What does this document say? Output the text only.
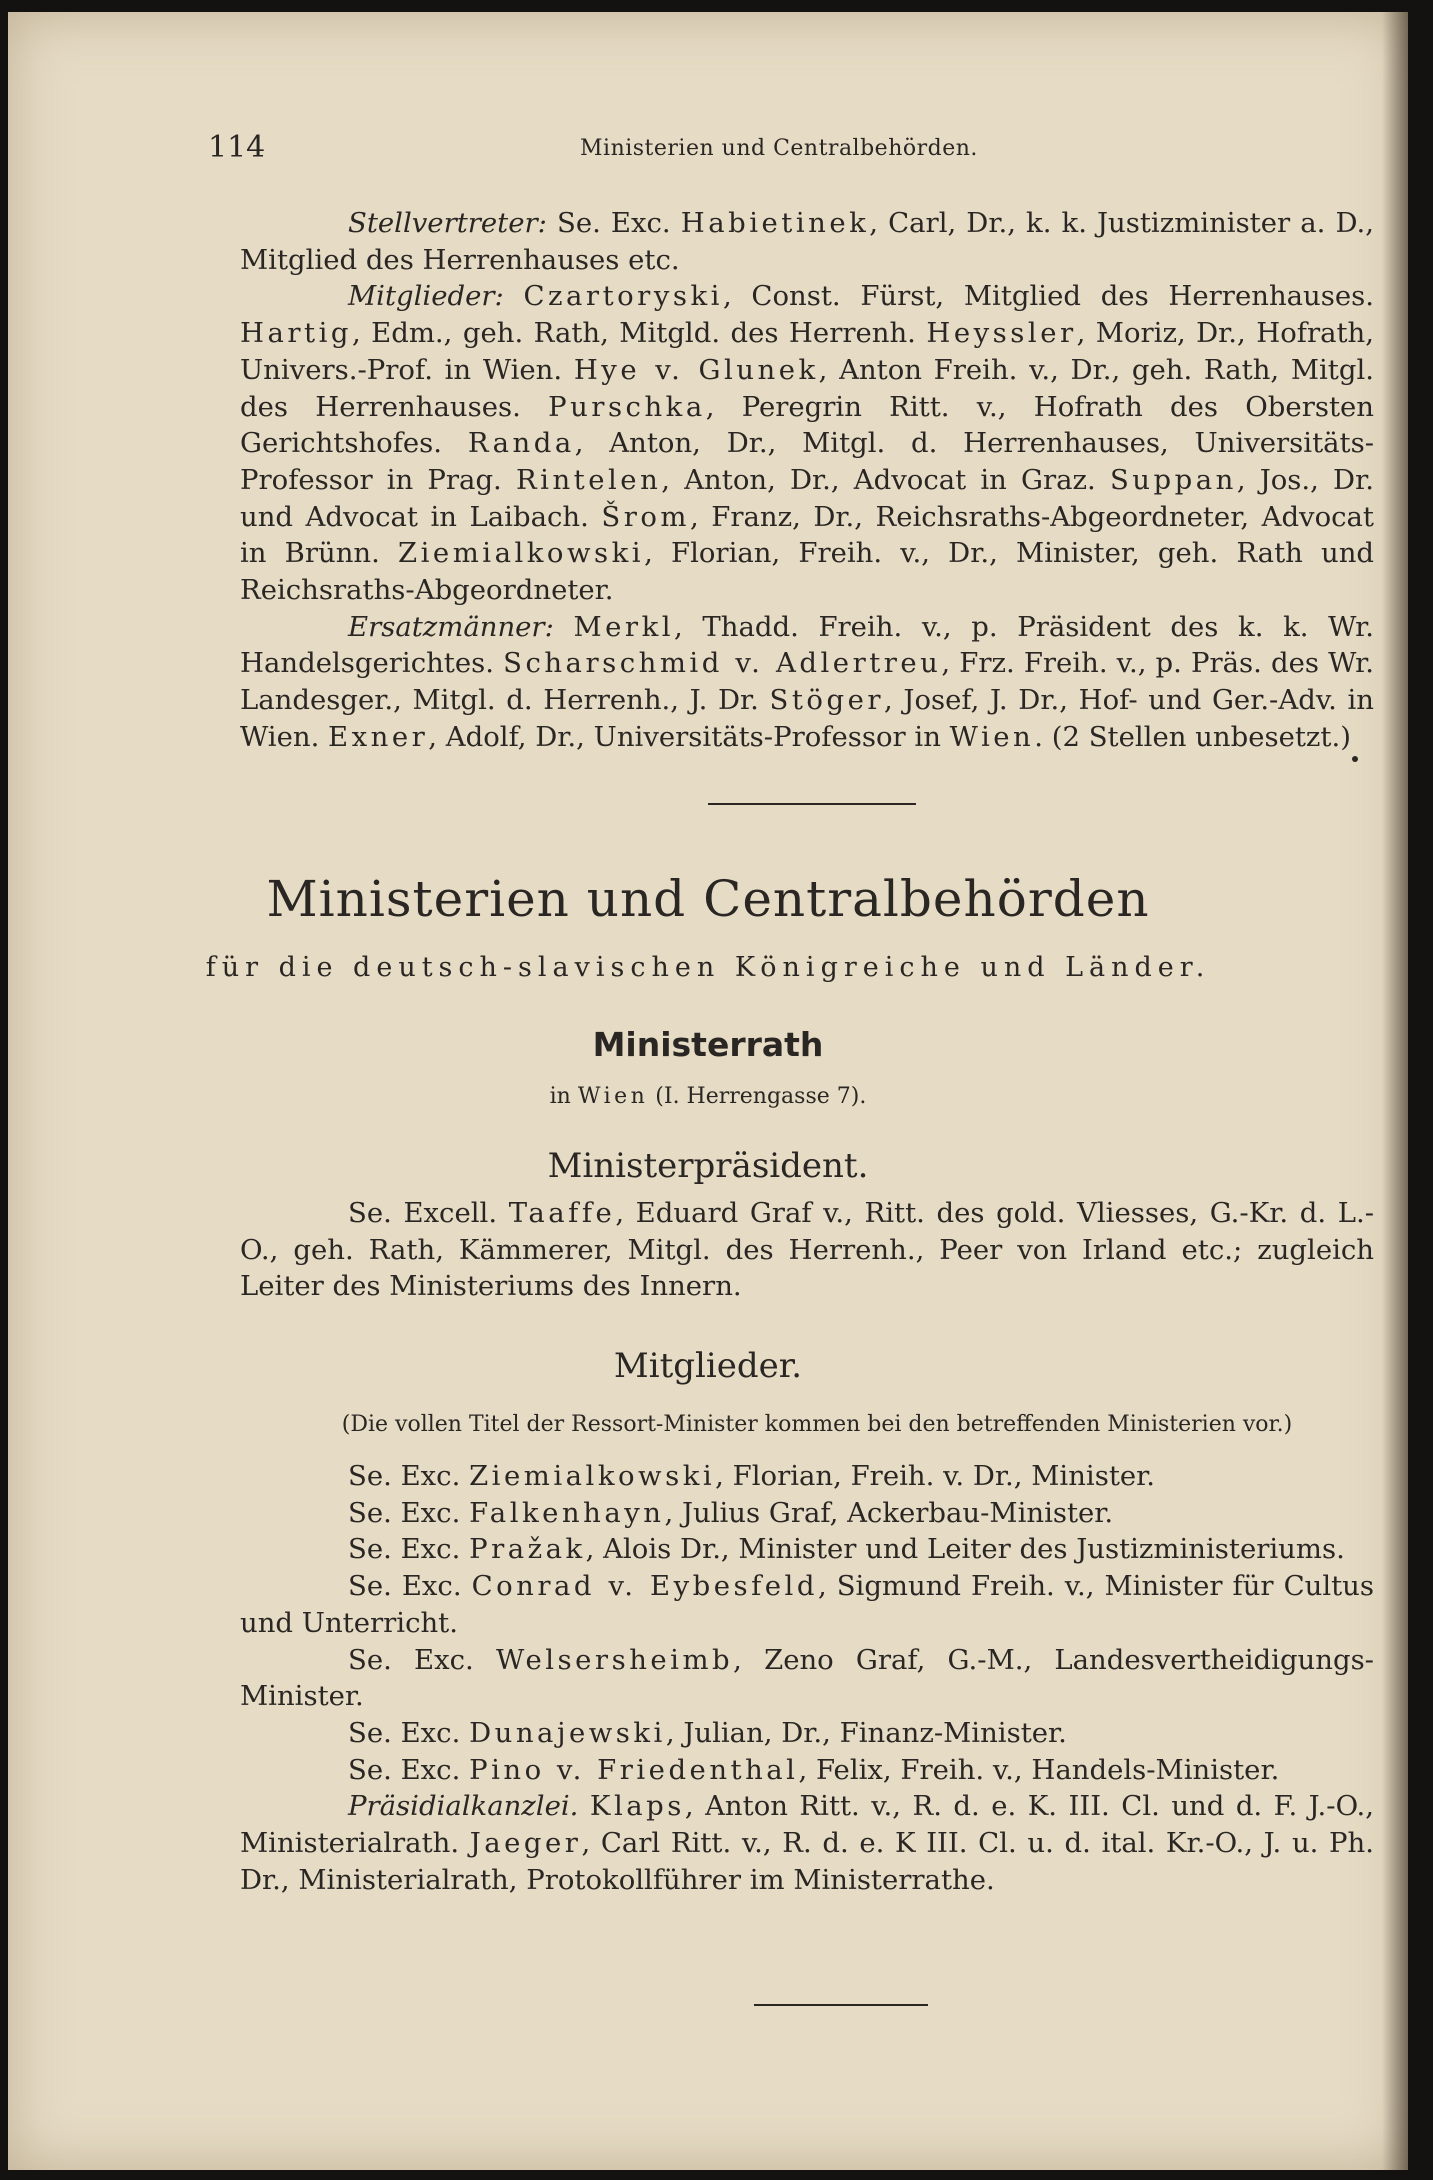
114	Ministerien und Centralbehörden.

Stellvertreter: Se. Exc. Habietinek, Carl, Dr., k. k. Justizminister a. D., Mitglied des Herrenhauses etc.

Mitglieder: Czartoryski, Const. Fürst, Mitglied des Herrenhauses. Hartig, Edm., geh. Rath, Mitgld. des Herrenh. Heyssler, Moriz, Dr., Hofrath, Univers.-Prof. in Wien. Hye v. Glunek, Anton Freih. v., Dr., geh. Rath, Mitgl. des Herrenhauses. Purschka, Peregrin Ritt. v., Hofrath des Obersten Gerichtshofes. Randa, Anton, Dr., Mitgl. d. Herrenhauses, Universitäts-Professor in Prag. Rintelen, Anton, Dr., Advocat in Graz. Suppan, Jos., Dr. und Advocat in Laibach. Šrom, Franz, Dr., Reichsraths-Abgeordneter, Advocat in Brünn. Ziemialkowski, Florian, Freih. v., Dr., Minister, geh. Rath und Reichsraths-Abgeordneter.

Ersatzmänner: Merkl, Thadd. Freih. v., p. Präsident des k. k. Wr. Handelsgerichtes. Scharschmid v. Adlertreu, Frz. Freih. v., p. Präs. des Wr. Landesger., Mitgl. d. Herrenh., J. Dr. Stöger, Josef, J. Dr., Hof- und Ger.-Adv. in Wien. Exner, Adolf, Dr., Universitäts-Professor in Wien. (2 Stellen unbesetzt.)

Ministerien und Centralbehörden
für die deutsch-slavischen Königreiche und Länder.
Ministerrath
in Wien (I. Herrengasse 7).
Ministerpräsident.

Se. Excell. Taaffe, Eduard Graf v., Ritt. des gold. Vliesses, G.-Kr. d. L.-O., geh. Rath, Kämmerer, Mitgl. des Herrenh., Peer von Irland etc.; zugleich Leiter des Ministeriums des Innern.

Mitglieder.
(Die vollen Titel der Ressort-Minister kommen bei den betreffenden Ministerien vor.)

Se. Exc. Ziemialkowski, Florian, Freih. v. Dr., Minister.

Se. Exc. Falkenhayn, Julius Graf, Ackerbau-Minister.

Se. Exc. Pražak, Alois Dr., Minister und Leiter des Justizministeriums.

Se. Exc. Conrad v. Eybesfeld, Sigmund Freih. v., Minister für Cultus und Unterricht.

Se. Exc. Welsersheimb, Zeno Graf, G.-M., Landesvertheidigungs-Minister.

Se. Exc. Dunajewski, Julian, Dr., Finanz-Minister.

Se. Exc. Pino v. Friedenthal, Felix, Freih. v., Handels-Minister.

Präsidialkanzlei. Klaps, Anton Ritt. v., R. d. e. K. III. Cl. und d. F. J.-O., Ministerialrath. Jaeger, Carl Ritt. v., R. d. e. K III. Cl. u. d. ital. Kr.-O., J. u. Ph. Dr., Ministerialrath, Protokollführer im Ministerrathe.
